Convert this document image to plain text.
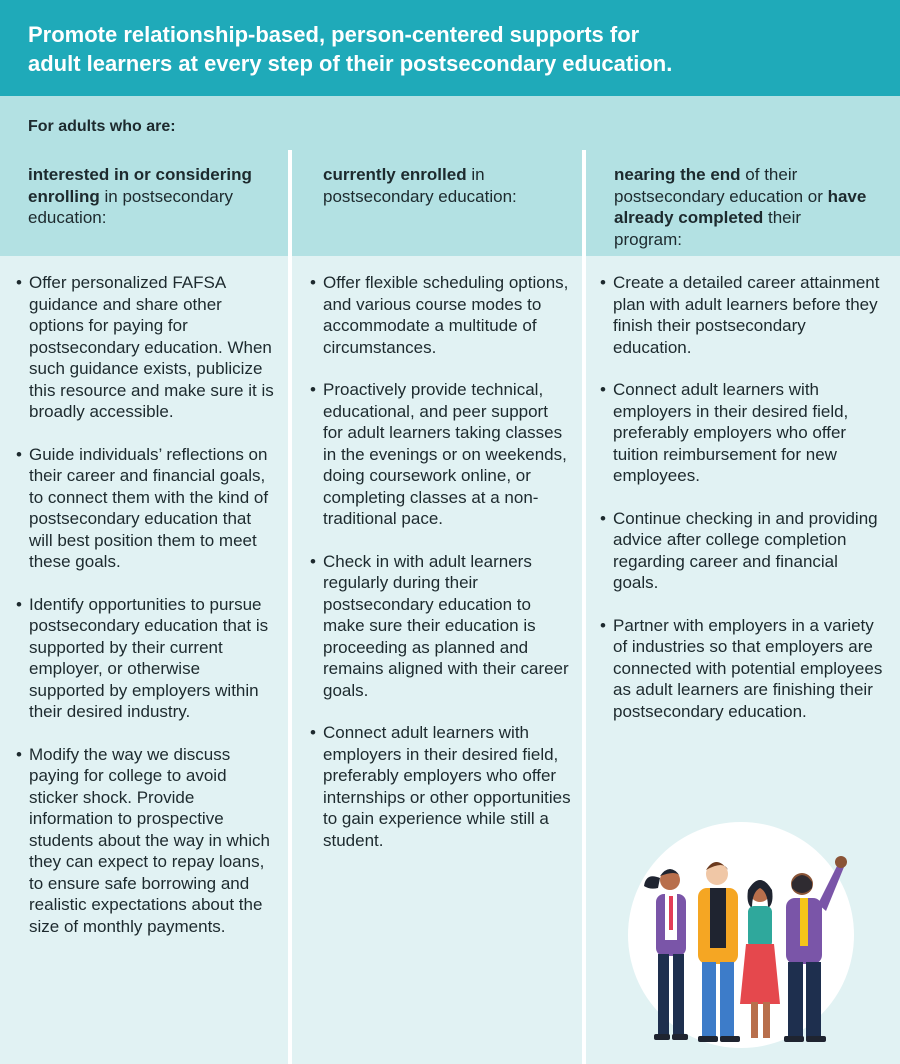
Promote relationship-based, person-centered supports for
adult learners at every step of their postsecondary education.
For adults who are:
interested in or considering enrolling in postsecondary education:
currently enrolled in postsecondary education:
nearing the end of their postsecondary education or have already completed their program:
• Offer personalized FAFSA guidance and share other options for paying for postsecondary education. When such guidance exists, publicize this resource and make sure it is broadly accessible.
• Guide individuals’ reflections on their career and financial goals, to connect them with the kind of postsecondary education that will best position them to meet these goals.
• Identify opportunities to pursue postsecondary education that is supported by their current employer, or otherwise supported by employers within their desired industry.
• Modify the way we discuss paying for college to avoid sticker shock. Provide information to prospective students about the way in which they can expect to repay loans, to ensure safe borrowing and realistic expectations about the size of monthly payments.
• Offer flexible scheduling options, and various course modes to accommodate a multitude of circumstances.
• Proactively provide technical, educational, and peer support for adult learners taking classes in the evenings or on weekends, doing coursework online, or completing classes at a non-traditional pace.
• Check in with adult learners regularly during their postsecondary education to make sure their education is proceeding as planned and remains aligned with their career goals.
• Connect adult learners with employers in their desired field, preferably employers who offer internships or other opportunities to gain experience while still a student.
• Create a detailed career attainment plan with adult learners before they finish their postsecondary education.
• Connect adult learners with employers in their desired field, preferably employers who offer tuition reimbursement for new employees.
• Continue checking in and providing advice after college completion regarding career and financial goals.
• Partner with employers in a variety of industries so that employers are connected with potential employees as adult learners are finishing their postsecondary education.
